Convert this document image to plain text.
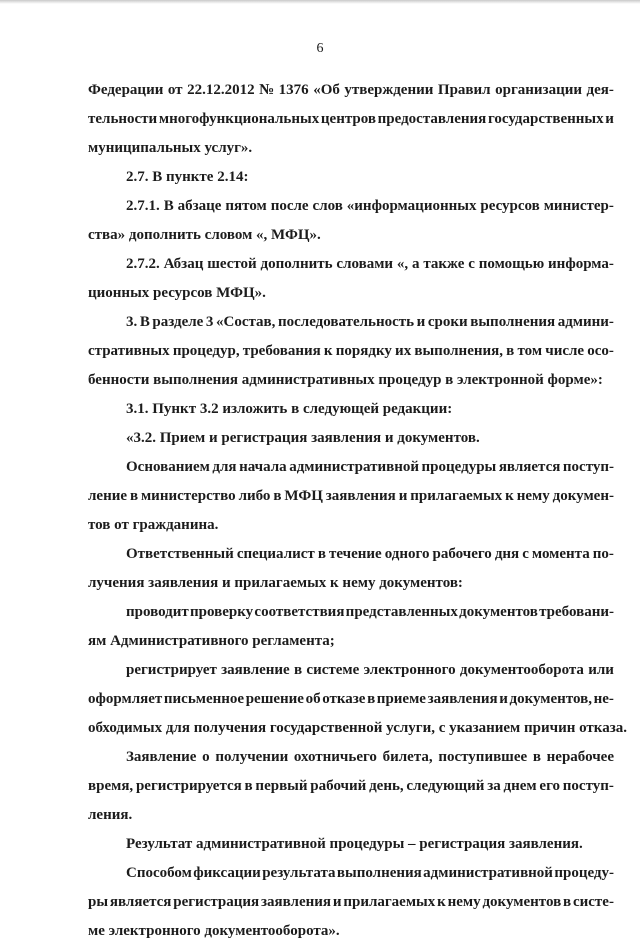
6
Федерации от 22.12.2012 № 1376 «Об утверждении Правил организации дея-
тельности многофункциональных центров предоставления государственных и
муниципальных услуг».
2.7. В пункте 2.14:
2.7.1. В абзаце пятом после слов «информационных ресурсов министер-
ства» дополнить словом «, МФЦ».
2.7.2. Абзац шестой дополнить словами «, а также с помощью информа-
ционных ресурсов МФЦ».
3. В разделе 3 «Состав, последовательность и сроки выполнения админи-
стративных процедур, требования к порядку их выполнения, в том числе осо-
бенности выполнения административных процедур в электронной форме»:
3.1. Пункт 3.2 изложить в следующей редакции:
«3.2. Прием и регистрация заявления и документов.
Основанием для начала административной процедуры является поступ-
ление в министерство либо в МФЦ заявления и прилагаемых к нему докумен-
тов от гражданина.
Ответственный специалист в течение одного рабочего дня с момента по-
лучения заявления и прилагаемых к нему документов:
проводит проверку соответствия представленных документов требовани-
ям Административного регламента;
регистрирует заявление в системе электронного документооборота или
оформляет письменное решение об отказе в приеме заявления и документов, не-
обходимых для получения государственной услуги, с указанием причин отказа.
Заявление о получении охотничьего билета, поступившее в нерабочее
время, регистрируется в первый рабочий день, следующий за днем его поступ-
ления.
Результат административной процедуры – регистрация заявления.
Способом фиксации результата выполнения административной процеду-
ры является регистрация заявления и прилагаемых к нему документов в систе-
ме электронного документооборота».
